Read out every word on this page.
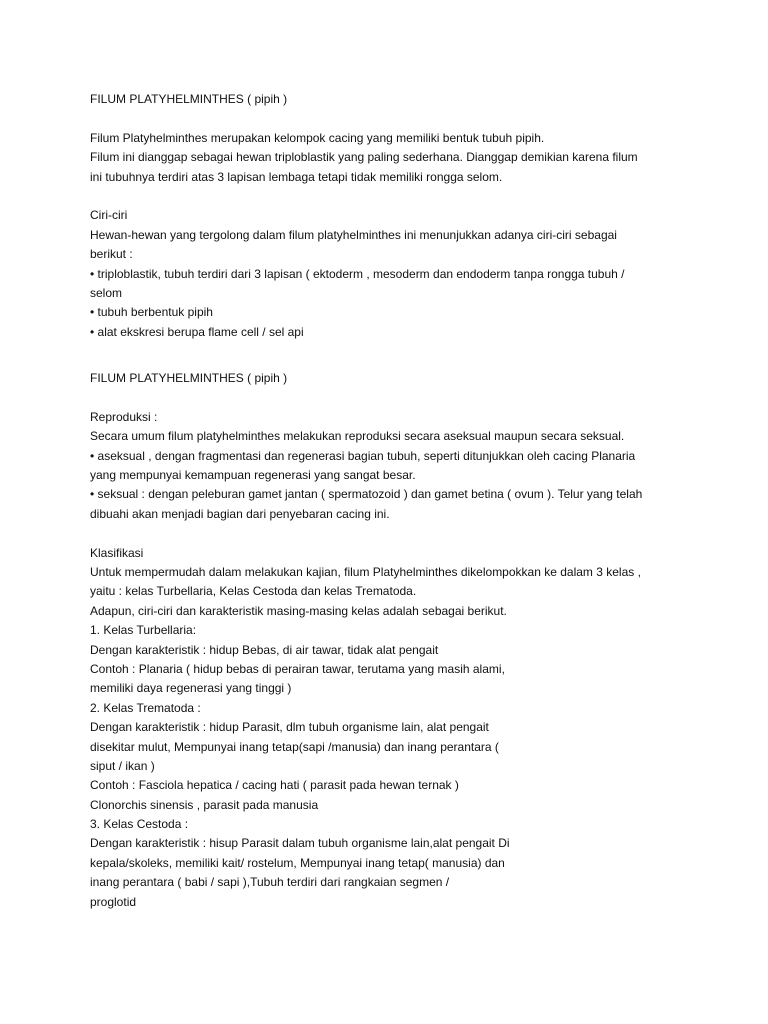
FILUM PLATYHELMINTHES ( pipih )
Filum Platyhelminthes merupakan kelompok cacing yang memiliki bentuk tubuh pipih.
Filum ini dianggap sebagai hewan triploblastik yang paling sederhana. Dianggap demikian karena filum
ini tubuhnya terdiri atas 3 lapisan lembaga tetapi tidak memiliki rongga selom.
Ciri-ciri
Hewan-hewan yang tergolong dalam filum platyhelminthes ini menunjukkan adanya ciri-ciri sebagai
berikut :
• triploblastik, tubuh terdiri dari 3 lapisan ( ektoderm , mesoderm dan endoderm tanpa rongga tubuh /
selom
• tubuh berbentuk pipih
• alat ekskresi berupa flame cell / sel api
FILUM PLATYHELMINTHES ( pipih )
Reproduksi :
Secara umum filum platyhelminthes melakukan reproduksi secara aseksual maupun secara seksual.
• aseksual , dengan fragmentasi dan regenerasi bagian tubuh, seperti ditunjukkan oleh cacing Planaria
yang mempunyai kemampuan regenerasi yang sangat besar.
• seksual : dengan peleburan gamet jantan ( spermatozoid ) dan gamet betina ( ovum ). Telur yang telah
dibuahi akan menjadi bagian dari penyebaran cacing ini.
Klasifikasi
Untuk mempermudah dalam melakukan kajian, filum Platyhelminthes dikelompokkan ke dalam 3 kelas ,
yaitu : kelas Turbellaria, Kelas Cestoda dan kelas Trematoda.
Adapun, ciri-ciri dan karakteristik masing-masing kelas adalah sebagai berikut.
1. Kelas Turbellaria:
Dengan karakteristik : hidup Bebas, di air tawar, tidak alat pengait
Contoh : Planaria ( hidup bebas di perairan tawar, terutama yang masih alami,
memiliki daya regenerasi yang tinggi )
2. Kelas Trematoda :
Dengan karakteristik : hidup Parasit, dlm tubuh organisme lain, alat pengait
disekitar mulut, Mempunyai inang tetap(sapi /manusia) dan inang perantara (
siput / ikan )
Contoh : Fasciola hepatica / cacing hati ( parasit pada hewan ternak )
Clonorchis sinensis , parasit pada manusia
3. Kelas Cestoda :
Dengan karakteristik : hisup Parasit dalam tubuh organisme lain,alat pengait Di
kepala/skoleks, memiliki kait/ rostelum, Mempunyai inang tetap( manusia) dan
inang perantara ( babi / sapi ),Tubuh terdiri dari rangkaian segmen /
proglotid
